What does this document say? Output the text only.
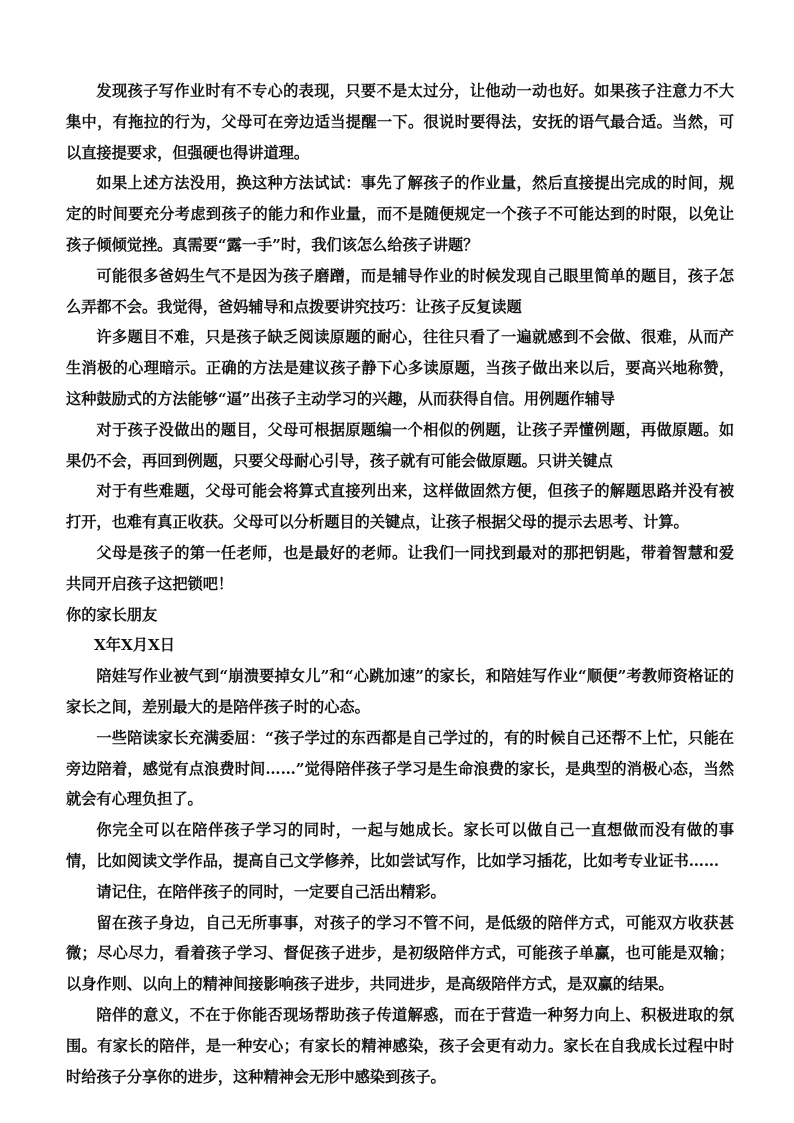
发现孩子写作业时有不专心的表现，只要不是太过分，让他动一动也好。如果孩子注意力不大集中，有拖拉的行为，父母可在旁边适当提醒一下。很说时要得法，安抚的语气最合适。当然，可以直接提要求，但强硬也得讲道理。

如果上述方法没用，换这种方法试试：事先了解孩子的作业量，然后直接提出完成的时间，规定的时间要充分考虑到孩子的能力和作业量，而不是随便规定一个孩子不可能达到的时限，以免让孩子倾倾觉挫。真需要“露一手”时，我们该怎么给孩子讲题？

可能很多爸妈生气不是因为孩子磨蹭，而是辅导作业的时候发现自己眼里简单的题目，孩子怎么弄都不会。我觉得，爸妈辅导和点拨要讲究技巧：让孩子反复读题

许多题目不难，只是孩子缺乏阅读原题的耐心，往往只看了一遍就感到不会做、很难，从而产生消极的心理暗示。正确的方法是建议孩子静下心多读原题，当孩子做出来以后，要高兴地称赞，这种鼓励式的方法能够“逼”出孩子主动学习的兴趣，从而获得自信。用例题作辅导

对于孩子没做出的题目，父母可根据原题编一个相似的例题，让孩子弄懂例题，再做原题。如果仍不会，再回到例题，只要父母耐心引导，孩子就有可能会做原题。只讲关键点

对于有些难题，父母可能会将算式直接列出来，这样做固然方便，但孩子的解题思路并没有被打开，也难有真正收获。父母可以分析题目的关键点，让孩子根据父母的提示去思考、计算。

父母是孩子的第一任老师，也是最好的老师。让我们一同找到最对的那把钥匙，带着智慧和爱共同开启孩子这把锁吧！

你的家长朋友

X年X月X日

陪娃写作业被气到“崩溃要掉女儿”和“心跳加速”的家长，和陪娃写作业“顺便”考教师资格证的家长之间，差别最大的是陪伴孩子时的心态。

一些陪读家长充满委屈：“孩子学过的东西都是自己学过的，有的时候自己还帮不上忙，只能在旁边陪着，感觉有点浪费时间……”觉得陪伴孩子学习是生命浪费的家长，是典型的消极心态，当然就会有心理负担了。

你完全可以在陪伴孩子学习的同时，一起与她成长。家长可以做自己一直想做而没有做的事情，比如阅读文学作品，提高自己文学修养，比如尝试写作，比如学习插花，比如考专业证书……

请记住，在陪伴孩子的同时，一定要自己活出精彩。

留在孩子身边，自己无所事事，对孩子的学习不管不问，是低级的陪伴方式，可能双方收获甚微；尽心尽力，看着孩子学习、督促孩子进步，是初级陪伴方式，可能孩子单赢，也可能是双输；以身作则、以向上的精神间接影响孩子进步，共同进步，是高级陪伴方式，是双赢的结果。

陪伴的意义，不在于你能否现场帮助孩子传道解惑，而在于营造一种努力向上、积极进取的氛围。有家长的陪伴，是一种安心；有家长的精神感染，孩子会更有动力。家长在自我成长过程中时时给孩子分享你的进步，这种精神会无形中感染到孩子。
